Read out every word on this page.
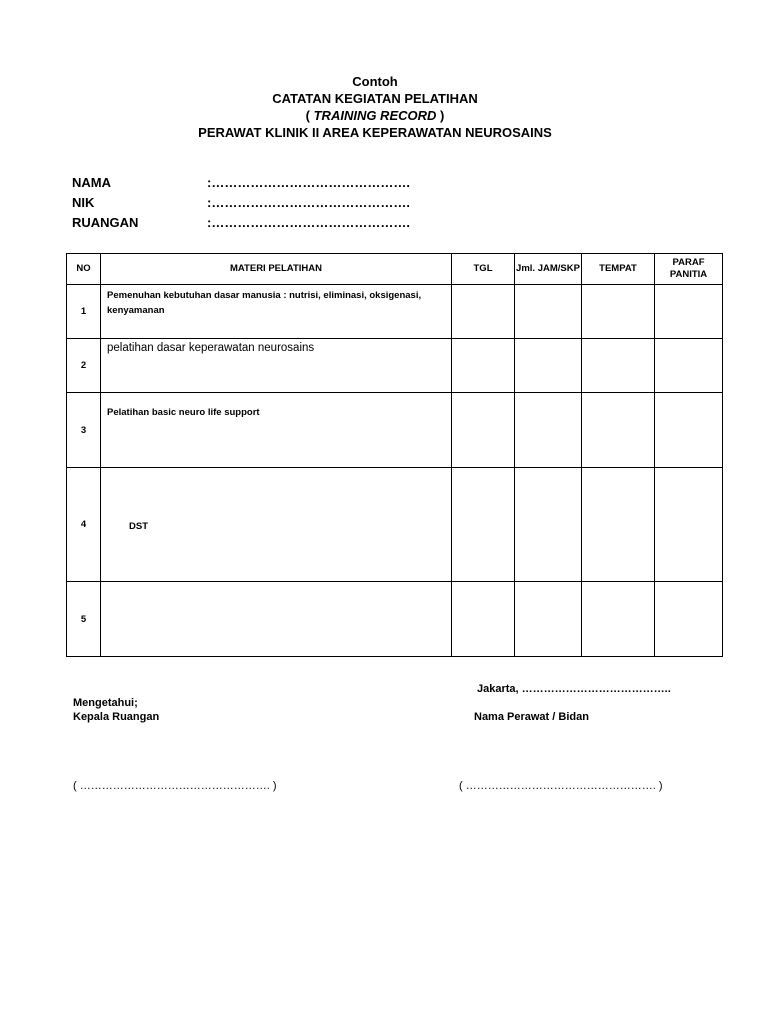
Contoh
CATATAN KEGIATAN PELATIHAN
( TRAINING RECORD )
PERAWAT KLINIK II AREA KEPERAWATAN NEUROSAINS
NAMA	:……………………………………….
NIK	:……………………………………….
RUANGAN	:……………………………………….
NO	MATERI PELATIHAN	TGL	Jml. JAM/SKP	TEMPAT	PARAF PANITIA
1	Pemenuhan kebutuhan dasar manusia : nutrisi, eliminasi, oksigenasi, kenyamanan				
2	pelatihan dasar keperawatan neurosains				
3	Pelatihan basic neuro life support				
4	DST				
5					
Jakarta, …………………………………..
Mengetahui;
Kepala Ruangan	Nama Perawat / Bidan
( ……………………………………………. )	( ……………………………………………. )
